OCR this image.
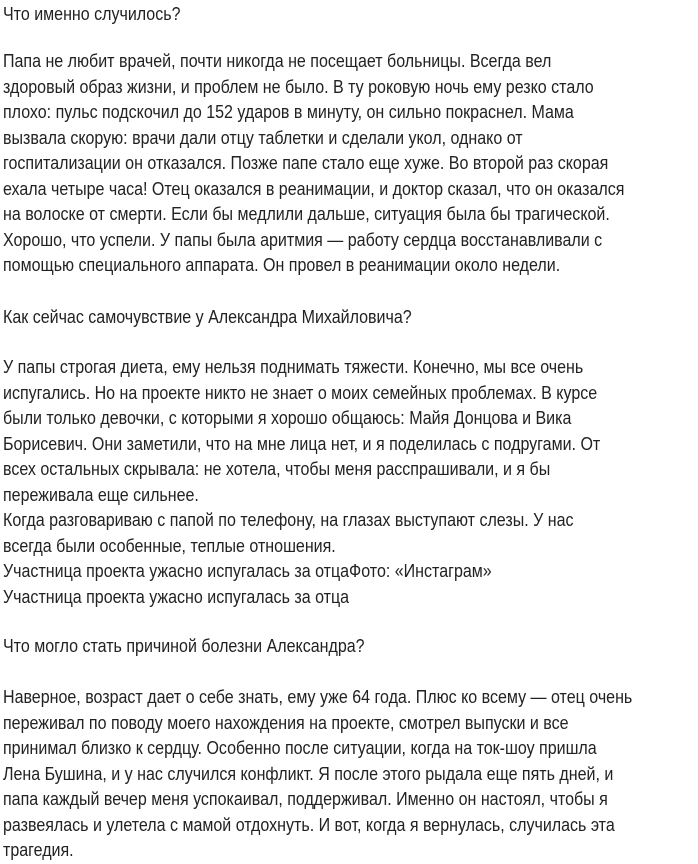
Что именно случилось?
Папа не любит врачей, почти никогда не посещает больницы. Всегда вел
здоровый образ жизни, и проблем не было. В ту роковую ночь ему резко стало
плохо: пульс подскочил до 152 ударов в минуту, он сильно покраснел. Мама
вызвала скорую: врачи дали отцу таблетки и сделали укол, однако от
госпитализации он отказался. Позже папе стало еще хуже. Во второй раз скорая
ехала четыре часа! Отец оказался в реанимации, и доктор сказал, что он оказался
на волоске от смерти. Если бы медлили дальше, ситуация была бы трагической.
Хорошо, что успели. У папы была аритмия — работу сердца восстанавливали с
помощью специального аппарата. Он провел в реанимации около недели.
Как сейчас самочувствие у Александра Михайловича?
У папы строгая диета, ему нельзя поднимать тяжести. Конечно, мы все очень
испугались. Но на проекте никто не знает о моих семейных проблемах. В курсе
были только девочки, с которыми я хорошо общаюсь: Майя Донцова и Вика
Борисевич. Они заметили, что на мне лица нет, и я поделилась с подругами. От
всех остальных скрывала: не хотела, чтобы меня расспрашивали, и я бы
переживала еще сильнее.
Когда разговариваю с папой по телефону, на глазах выступают слезы. У нас
всегда были особенные, теплые отношения.
Участница проекта ужасно испугалась за отцаФото: «Инстаграм»
Участница проекта ужасно испугалась за отца
Что могло стать причиной болезни Александра?
Наверное, возраст дает о себе знать, ему уже 64 года. Плюс ко всему — отец очень
переживал по поводу моего нахождения на проекте, смотрел выпуски и все
принимал близко к сердцу. Особенно после ситуации, когда на ток-шоу пришла
Лена Бушина, и у нас случился конфликт. Я после этого рыдала еще пять дней, и
папа каждый вечер меня успокаивал, поддерживал. Именно он настоял, чтобы я
развеялась и улетела с мамой отдохнуть. И вот, когда я вернулась, случилась эта
трагедия.
